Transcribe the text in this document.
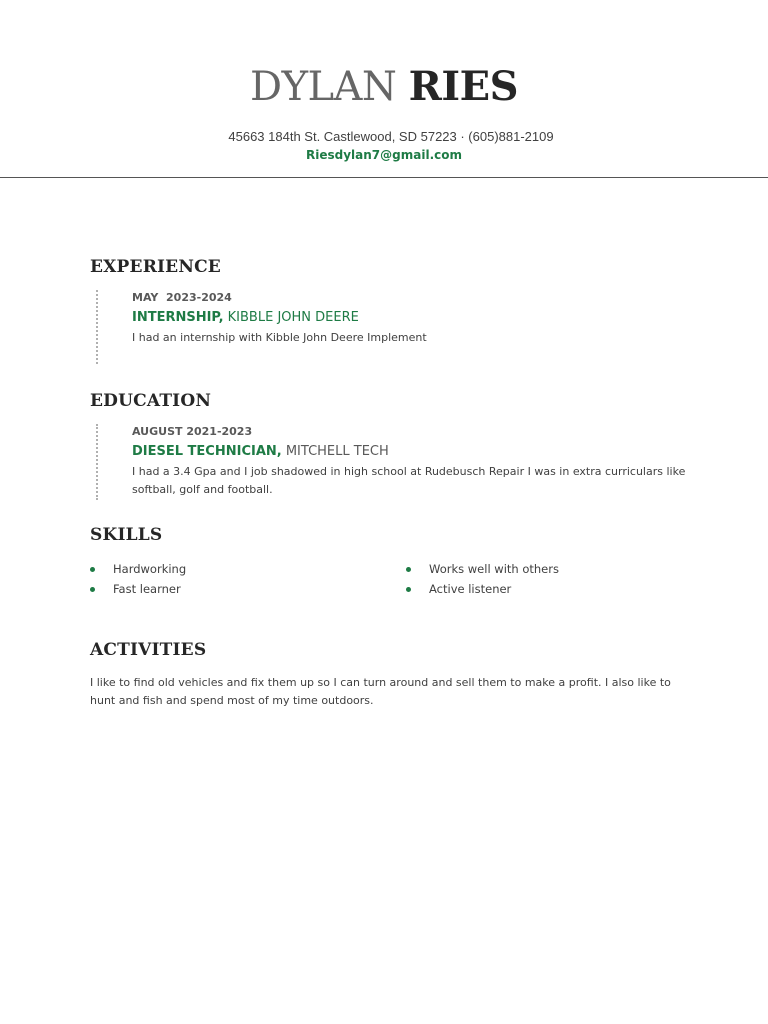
DYLAN RIES
45663 184th St. Castlewood, SD 57223 · (605)881-2109
Riesdylan7@gmail.com
EXPERIENCE
MAY  2023-2024
INTERNSHIP, KIBBLE JOHN DEERE
I had an internship with Kibble John Deere Implement
EDUCATION
AUGUST 2021-2023
DIESEL TECHNICIAN, MITCHELL TECH
I had a 3.4 Gpa and I job shadowed in high school at Rudebusch Repair I was in extra curriculars like softball, golf and football.
SKILLS
Hardworking
Fast learner
Works well with others
Active listener
ACTIVITIES
I like to find old vehicles and fix them up so I can turn around and sell them to make a profit. I also like to hunt and fish and spend most of my time outdoors.
